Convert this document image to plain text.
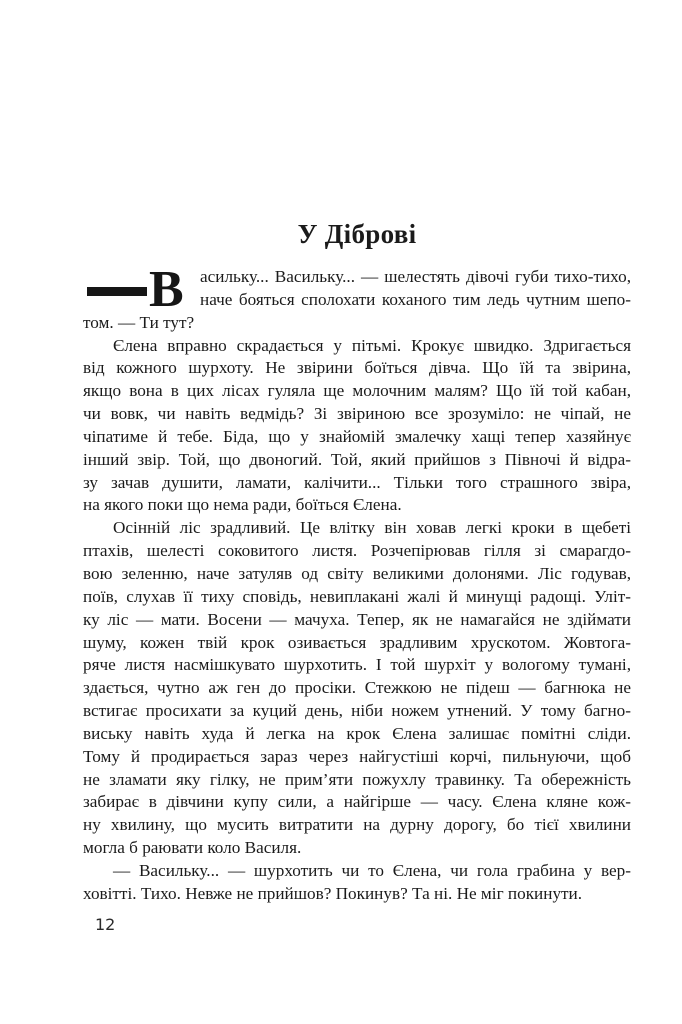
У Діброві
В асильку... Васильку... — шелестять дівочі губи тихо-тихо,
наче бояться сполохати коханого тим ледь чутним шепо-
том. — Ти тут?
Єлена вправно скрадається у пітьмі. Крокує швидко. Здригається
від кожного шурхоту. Не звірини боїться дівча. Що їй та звірина,
якщо вона в цих лісах гуляла ще молочним малям? Що їй той кабан,
чи вовк, чи навіть ведмідь? Зі звіриною все зрозуміло: не чіпай, не
чіпатиме й тебе. Біда, що у знайомій змалечку хащі тепер хазяйнує
інший звір. Той, що двоногий. Той, який прийшов з Півночі й відра-
зу зачав душити, ламати, калічити... Тільки того страшного звіра,
на якого поки що нема ради, боїться Єлена.
Осінній ліс зрадливий. Це влітку він ховав легкі кроки в щебеті
птахів, шелесті соковитого листя. Розчепірював гілля зі смарагдо-
вою зеленню, наче затуляв од світу великими долонями. Ліс годував,
поїв, слухав її тиху сповідь, невиплакані жалі й минущі радощі. Уліт-
ку ліс — мати. Восени — мачуха. Тепер, як не намагайся не здіймати
шуму, кожен твій крок озивається зрадливим хрускотом. Жовтога-
ряче листя насмішкувато шурхотить. І той шурхіт у вологому тумані,
здається, чутно аж ген до просіки. Стежкою не підеш — багнюка не
встигає просихати за куций день, ніби ножем утнений. У тому багно-
виську навіть худа й легка на крок Єлена залишає помітні сліди.
Тому й продирається зараз через найгустіші корчі, пильнуючи, щоб
не зламати яку гілку, не прим’яти пожухлу травинку. Та обережність
забирає в дівчини купу сили, а найгірше — часу. Єлена кляне кож-
ну хвилину, що мусить витратити на дурну дорогу, бо тієї хвилини
могла б раювати коло Василя.
— Васильку... — шурхотить чи то Єлена, чи гола грабина у вер-
ховітті. Тихо. Невже не прийшов? Покинув? Та ні. Не міг покинути.
12
